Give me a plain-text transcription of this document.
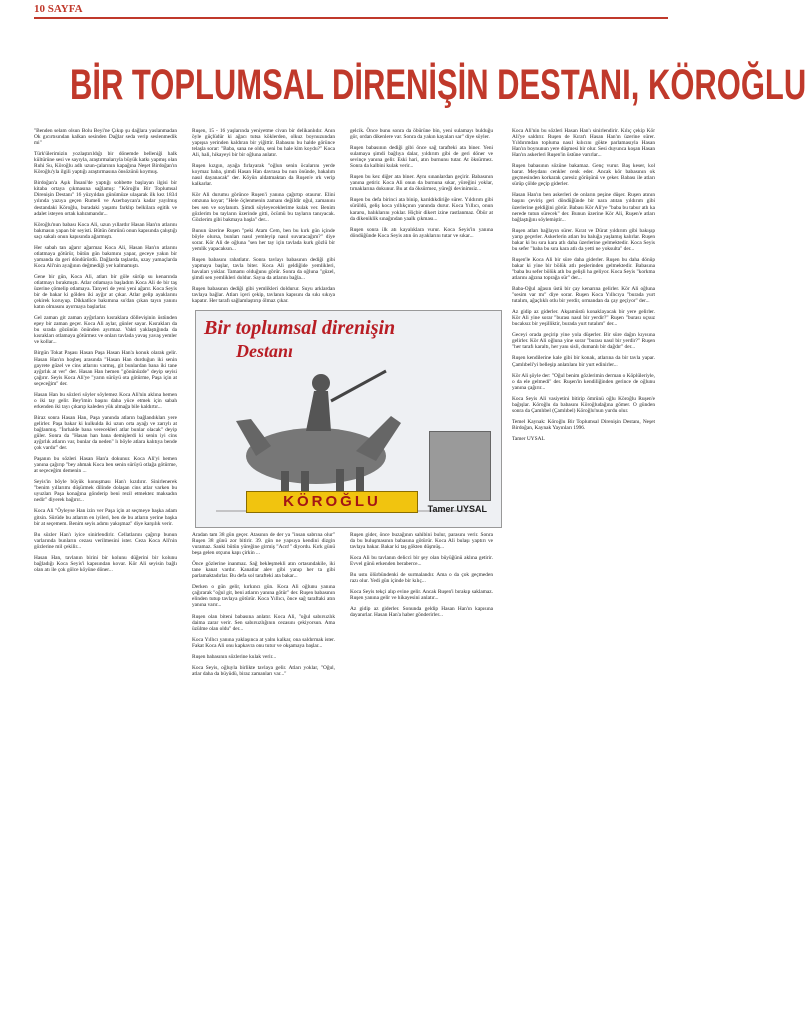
10 SAYFA
BİR TOPLUMSAL DİRENİŞİN DESTANI, KÖROĞLU

"Benden selam olsun Bolu Beyi'ne Çıkıp şu dağlara yaslanmadan Ok gıcırtısından kalkan sesinden Dağlar seda verip seslenmedik mi"

Türk'ülerimizin yozlaştırıldığı bir dönemde belleniği halk kültürüne sesi ve sayıyla, araştırmalarıyla büyük katkı yapmış olan Ruhi Su, Köroğlu adlı uzun-çalarının kapağına Neşet Birdoğan'ın Köroğlu'yla ilgili yaptığı araştırmasına önsözünü koymuş.

Birdoğan'a Aşık İhsani'de yaptığı sohbette başlayan ilgisi bir kitaba ortaya çıkmasına sağlamış: "Köroğlu Bir Toplumsal Direnişin Destanı" 16 yüzyıldan günümüze ulaşarak ilk kez 1834 yılında yazıya geçen Rumeli ve Azerbaycan'a kadar yayılmış destandaki Köroğlu, buradaki yaşamı farklıp belkilara egitik ve adalet isteyen ortak kahramandır...

Köroğlu'nun babası Koca Ali, uzun yıllardır Hasan Han'ın atlarını bakmasın yapan bir seyisti. Bütün ömrünü onun kapısında çalıştığı saçı sakalı onun kapısında ağarmıştı.

Her sabah tan ağarır ağarmaz Koca Ali, Hasan Han'ın atlarını otlatmaya götürür, bütün gün bakımını yapar, geceye yakın bir yamanda da geri döndürürdü. Dağlarda taşlarda, uzay yamaçlarda Koca Ali'nin ayağının değmediği yer kalmamıştı.

Gene bir gün, Koca Ali, atları bir göle sürüp su kenarında otlatmayı bırakmıştı. Atlar otlamaya başladım Koca Ali de bir taş üzerine çömelip otlamaya. Tanyeri de yeni yeni ağarır. Koca Seyis bir de bakar ki gölden iki ayğır at çıkar. Atlar gelip ayaklarını çekirek koruyup. Dikkatlice bakımına su'dan çıkan tayın yanını katın olmasını ayırmaya başlarlar.

Gel zaman git zaman ayğırların kısraklara döllevişinin üstünden epey bir zaman geçer. Koca Ali aylar, günler sayar. Kısrakları da bu sırada gözünün önünden ayırmaz. Vakti yaklaştığında da kısrakları otlamaya götürmez ve onları tavlada yavaş yavaş yemler ve kollar...

Birgün Tokat Paşası Hasan Paşa Hasan Han'a konuk olarak gelir. Hasan Han'ın hoşbeş arasında "Hasan Han durduğun iki senin gayrete güzel ve cins atlarını varmış, git bunlardan bana iki tane ayğırlık at ver" der. Hasan Han hemen "gönünüzde" deyip seyisi çağırır. Seyis Koca Ali'ye "yarın sürüyü ota götürme, Paşa için at seçeceğim" der.

Hasan Han bu sözleri söyler söylemez Koca Ali'nin aklına hemen o iki tay gelir. Bey'imin başını daha yüce etmek için sabah erkenden iki tayı çıkarıp kaleden yük almağa bile kaldırtır...

Biraz sonra Hasan Han, Paşa yanında atların bağlandıkları yere gelirler. Paşa bakar ki kulkulda iki uzun orta ayağı ve zarıylı at bağlanmış. "İnrhalde bana verecekleri atlar bunlar olacak" deyip güler. Sonra da "Hasan han bana demişlerdi ki senin iyi cins ayğırlık atların var, bunlar da neden" lı böyle atlara kalıtıya bende çok vardır" der.

Paşanın bu sözleri Hasan Han'a dokunur. Koca Ali'yi hemen yanına çağırıp "bey ahmak Koca ben senin sürüyü otlağa götürme, at seçeceğim demenin ...

Seyis'in böyle büyük konuşması Han'ı kızdırır. Sinirlenerek "benim yıllarımı düşürmek dilinde dolaşan cins atlar varken bu uyuzları Paşa konağına gönderip beni rezil etmektez maksadın nedir" diyerek bağırır...

Koca Ali "Öyleyse Han izin ver Paşa için at seçmeye başka adam gitsin. Sürüde bu atlarım en iyileri, ben de bu atların yerine başka bir at seçemem. Benim seyis adımı yakışmaz" diye karşılık verir.

Bu sözler Han'ı iyice sinirlendirir. Cellatlarını çağırıp bunun varlarında bunların cezası verilmesini ister. Ceza Koca Ali'nin gözlerine mil çekilir...

Hasan Han, tavlanın birini bir kolunu düğerini bir kolunu bağladığı Koca Seyis'i kapısından kovar. Kör Ali seyisin bağlı olan atı ile çok gölce köyüne döner...

Ruşen, 15 - 16 yaşlarında yeniyetme civan bir delikanlıdır. Anın öyle güçlüdür ki ağacı tutsa köklerden, olkuz boynuzundan yapışsa yerinden kaldıran bir yiğittir. Babasını bu halde görünce telaşla sorar: "Baba, sana ne oldu, seni bu hale kim koydu?" Koca Ali, hali, hikayeyi bir bir oğluna anlatır.

Ruşen kızgın, ayağa fırlayarak "oğlun senin öcalarını yerde koymaz baba, şimdi Hasan Han davrasa bu nun önünde, bakalım nasıl dayanacak" der. Köyün aldatmaktan da Ruşen'e ırk verip kalkarlar.

Kör Ali durumu görünce Ruşen'i yanına çağırtıp otaurur. Elini omzuna koyar; "Hele öçlenmenin zamanı değildir oğul, zamanını bes sen ve soylanım. Şimdi söyleyeceklerime kulak ver. Benim gözlerim bu tayların üzerinde gitti, öcümü bu tayların tanıyacak. Gözlerim gibi bakmaya başla" der...

Bunun üzerine Ruşen "peki Atam Cem, ben bu kırk gün içinde böyle olursa, bunları nasıl yemleyip nasıl suvaracağım?" diye sorar. Kör Ali de oğluna "sen her tay için tavlada kurk gözlü bir yemlik yapacaksın...

Ruşen babasını rahatlatır. Sonra tavlayı babasının dediği gibi yapmaya başlar, tavla biter. Koca Ali geldiğide yemlikleri, havaları yoklar. Tamamı olduğunu görür. Sonra da oğluna "güzel, şimdi sen yemlikleri doldur. Sayıa da atlarını bağla...

Ruşen babasının dediği gibi yemlikleri doldurur. Suyu arklardan tavlaya bağlar. Atları içeri çekip, tavlanın kapısını da sıkı sıkıya kapatır. Her tarafı sağlamlaştırıp ölmaz çıkar.

gelcik. Önce bunu sonra da öbürüne bin, yeni sulamayı bulduğu gör, ordan dikenlere var. Sonra da yakın kayaları sar" diye söyler.

Ruşen babasının dediği gibi önce sağ tarafteki ata biner. Yeni sulamaya şimdi bağlıya dalar, yıldırım gibi de geri döner ve sevinçe yanına gelir. Eski hari, atın burnunu tutar. At öksürmez. Sonra da kalbini kulak verir...

Ruşen bu kez diğer ata biner. Aynı sınanlardan geçirir. Babasının yanına getirir. Koca Ali onun da burnuna sıkar, yüreğini yoklar, tırnaklarına dokunur. Bu at da öksürmez, yüreği devinimsiz...

Ruşen bu defa birinci ata binip, karıldıkdiriğe sürer. Yıldırım gibi sürüldü, geliş koca yıllıkçının yanında durur. Koca Yıllıcı, onun kararsı, balıklarını yoklar. Hiçbir dikert izine rastlanmaz. Öbür at da dikeniklik sınağından yaalk çıkması...

Ruşen sonra ilk atı kayalıklara vurur. Koca Seyis'in yanına döndüğünde Koca Seyis atın ön ayaklarını tutar ve sıkar...

Koca Ali'nin bu sözleri Hasan Han'ı sinirlendirir. Kılıç çekip Kör Ali'ye saldırır. Ruşen de Kırat'ı Hasan Han'ın üzerine sürer. Yıldırımdan topluma nasıl kılıcını gökte parlamasıyla Hasan Han'ın boynunun yere düşmesi bir olur. Sesi duyunca koşan Hasan Han'ın askerleri Ruşen'in üstüne varırlar...

Ruşen babasının sözüne bakamaz. Genç vurur. Baş keser, kol barar. Meydanı cenkler cenk eder. Ancak kör babasının ok geçmesinden korkarak çaresiz görüşünü ve çeker. Babası ile atları sürüp çölde geçip giderler.

Hasan Han'ın ben askerleri de onların peşine düşer. Ruşen atının başını çeviriş geri döndüğünde bir nara atıtan yıldırım gibi üzerlerine geldiğini görür. Babası Kör Ali'ye "baba bu tabur atlı ka nerede tutun sürecek" der. Bunun üzerine Kör Ali, Ruşen'e atları bağlaştığını söylemiştir...

Ruşen atları bağlayın sürer. Kırat ve Dürat yıldırım gibi bakışıp yarıp geçerler. Askerlerin atları bu baluğa yaşlamış kalırlar. Ruşen bakar ki bu sıra kara atlı daha üzerlerine gelmektedir. Koca Seyis bu sefer "baba bu sıra kara atlı da yetti ne yoksulta" der...

Ruşen'le Koca Ali bir süre daha giderler. Ruşen bu daha dönüp bakar ki yine bir bölük atlı peşlerinden gelmektedir. Babasına "baba bu sefer bölük atlı bu gelişli ha geliyor. Koca Seyis "korkma atlarını ağzına toprağa sür" der...

Baba-Oğul ağasın üstü bir çay kenarına gelirler. Kör Ali oğluna "sesim var mı" diye sorar. Ruşen Koca Yıllıcıya "burada yurt tutalım, ağaçlıklı otlu bir yerdir, ormandan da çay geçiyor" der...

Az gidip az giderler. Akşamüstü konaklayacak bir yere gelirler. Kör Ali yine sorar "burası nasıl bir yerdir?" Ruşen "burası uçsuz bucaksız bir yeşilliktir, burada yurt tutalım" der...

Geceyi orada geçirip yine yola düşerler. Bir süre dağın kıyısına gelirler. Kör Ali oğluna yine sorar "burası nasıl bir yerdir?" Ruşen "her tarafı karaltı, her yanı sisli, dumanlı bir dağdır" der...

Ruşen kendilerine kale gibi bir konak, atlarına da bir tavla yapar. Çamlıbeli'yi belleşip anlatılanı bir yurt edinirler...

Kör Ali şöyle der: "Oğul benim gözlerimin derman o Köplüleriyle, o da ele gelmedi" der. Ruşen'in kendiliğinden gerince de oğlunu yanına çağırır...

Koca Seyis Ali vasiyetini bitirip ömrünü oğlu Köroğlu Ruşen'e bağışlar. Köroğlu da babasını Köroğludağına gömer. O günden sonra da Çamlıbel (Çamlıbel) Köroğlu'nun yurdu olur.

Temel Kaynak: Köroğlu Bir Toplumsal Direnişin Destanı, Neşet Birdoğan, Kaynak Yayınları 1996.

Tamer UYSAL

Aradan tam 38 gün geçer. Atasının de der ya "insan sabrına olur" Ruşen 38 günü zor bitirir. 39. gün ne yapsıya kendini dizgin vuramaz. Sanki bütün yüreğine girmiş "Acıt!" diyordu. Kırk günü beşa gelen otçunu kapı çirkin ...

Önce gözlerine inanmaz. Sağ bekleşmekli atın ortasındakile, iki tane kanat vardır. Kanatlar alev gibi yanıp her ta gibi parlamaktadırlar. Bu defa sol tarafteki ata bakar...

Derken o gün gelir, kırkıncı gün. Koca Ali oğlunu yanına çağırarak "oğul git, beni atların yanına götür" der. Ruşen babasının elinden tutup tavlaya götürür. Koca Yıllıcı, önce sağ taraftaki atın yanına varır...

Ruşen olan biteni babasına anlatır. Koca Ali, "oğul sabırsızlık daima zarar verir. Sen sabırsızlığının cezasını çekiyorsun. Ama üzülme olan oldu" der...

Koca Yıllıcı yanına yaklaşınca at yalnı kalkar, ona saldırmak ister. Fakat Koca Ali onu kapkavra onu tutur ve okşamaya başlar...

Ruşen babasının sözlerine kulak verir...

Koca Seyis, oğluyla birlikte tavlaya gelir. Atları yoklar, "Oğul, atlar daha da büyüdü, biraz zamanları var..."

Ruşen gider, önce buzağının sahibini bulur, parasını verir. Sonra da bu buluşmasının babasına götürür. Koca Ali bulaşı yaptırı ve tavlaya bakar. Bakar ki taş gökten düşmüş...

Koca Ali bu tavlanın delicci bir şey olan büyüğünü aklına getirir. Evvel günü erkenden beraberce...

Bu ustu ölürbündenki de surmalandır. Ama o da çok geçmeden razı olur. Yedi gün içinde bir kılıç...

Koca Seyis tekçi alıp evine gelir. Ancak Ruşen'i bırakıp saklamaz. Ruşen yanına gelir ve hikayesini anlatır...

Az gidip az giderler. Sonunda geldip Hasan Han'ın kapısına dayanırlar. Hasan Han'a haber gönderirler...

Bir toplumsal direnişin
Destanı
KÖROĞLU	Tamer UYSAL
